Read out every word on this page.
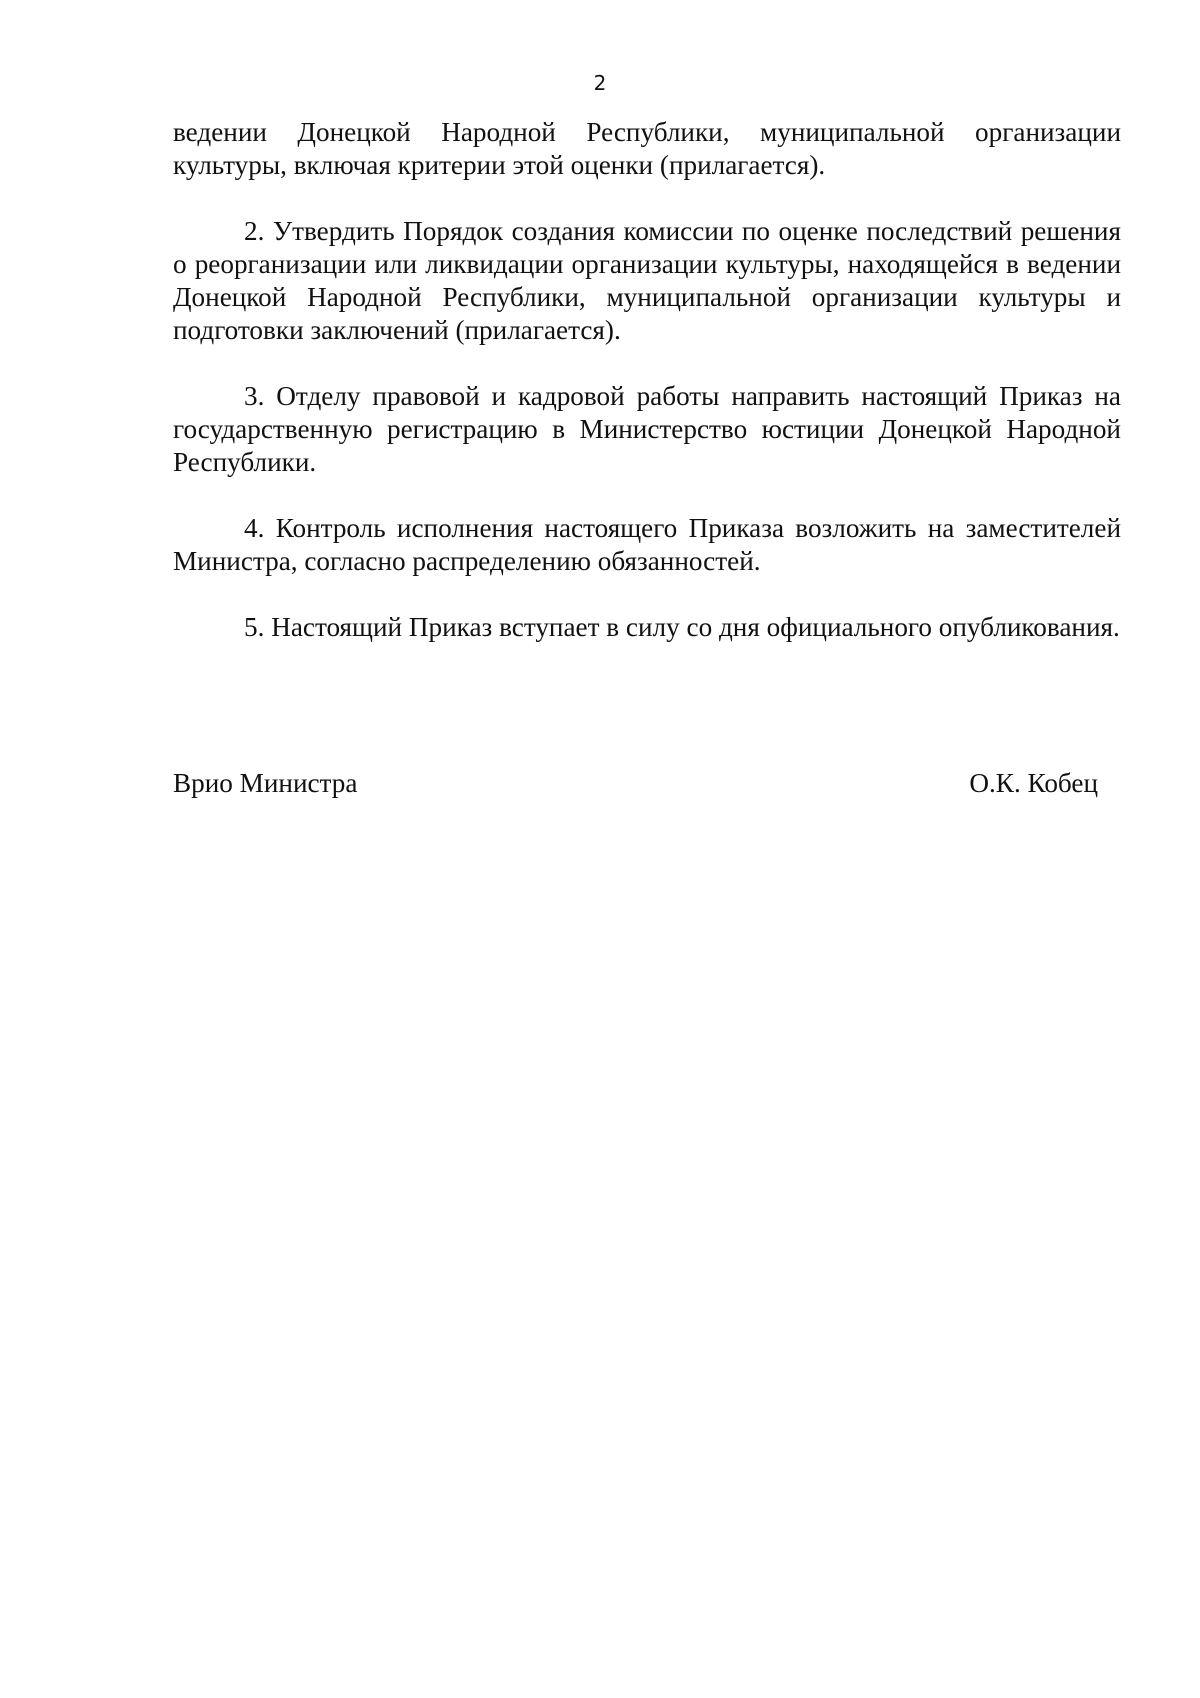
2

ведении Донецкой Народной Республики, муниципальной организации культуры, включая критерии этой оценки (прилагается).

2. Утвердить Порядок создания комиссии по оценке последствий решения о реорганизации или ликвидации организации культуры, находящейся в ведении Донецкой Народной Республики, муниципальной организации культуры и подготовки заключений (прилагается).

3. Отделу правовой и кадровой работы направить настоящий Приказ на государственную регистрацию в Министерство юстиции Донецкой Народной Республики.

4. Контроль исполнения настоящего Приказа возложить на заместителей Министра, согласно распределению обязанностей.

5. Настоящий Приказ вступает в силу со дня официального опубликования.

Врио Министра	О.К. Кобец
